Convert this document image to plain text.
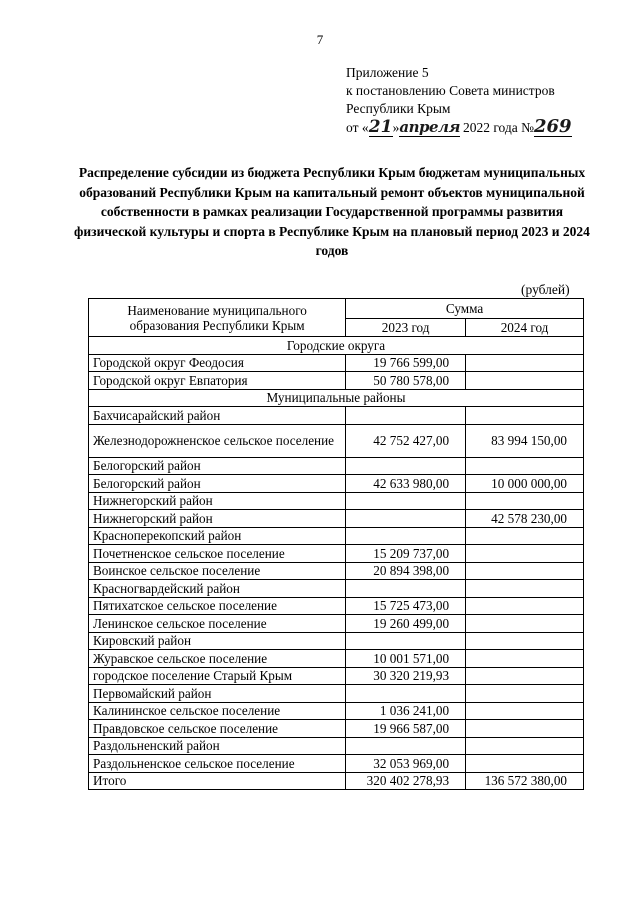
7
Приложение 5
к постановлению Совета министров
Республики Крым
от « 21 » апреля 2022 года № 269
Распределение субсидии из бюджета Республики Крым бюджетам муниципальных образований Республики Крым на капитальный ремонт объектов муниципальной собственности в рамках реализации Государственной программы развития физической культуры и спорта в Республике Крым на плановый период 2023 и 2024 годов
(рублей)
Наименование муниципального образования Республики Крым	Сумма	
	2023 год	2024 год
Городские округа		
Городской округ Феодосия	19 766 599,00	
Городской округ Евпатория	50 780 578,00	
Муниципальные районы		
Бахчисарайский район		
Железнодорожненское сельское поселение	42 752 427,00	83 994 150,00
Белогорский район		
Белогорский район	42 633 980,00	10 000 000,00
Нижнегорский район		
Нижнегорский район		42 578 230,00
Красноперекопский район		
Почетненское сельское поселение	15 209 737,00	
Воинское сельское поселение	20 894 398,00	
Красногвардейский район		
Пятихатское сельское поселение	15 725 473,00	
Ленинское сельское поселение	19 260 499,00	
Кировский район		
Журавское сельское поселение	10 001 571,00	
городское поселение Старый Крым	30 320 219,93	
Первомайский район		
Калининское сельское поселение	1 036 241,00	
Правдовское сельское поселение	19 966 587,00	
Раздольненский район		
Раздольненское сельское поселение	32 053 969,00	
Итого	320 402 278,93	136 572 380,00
